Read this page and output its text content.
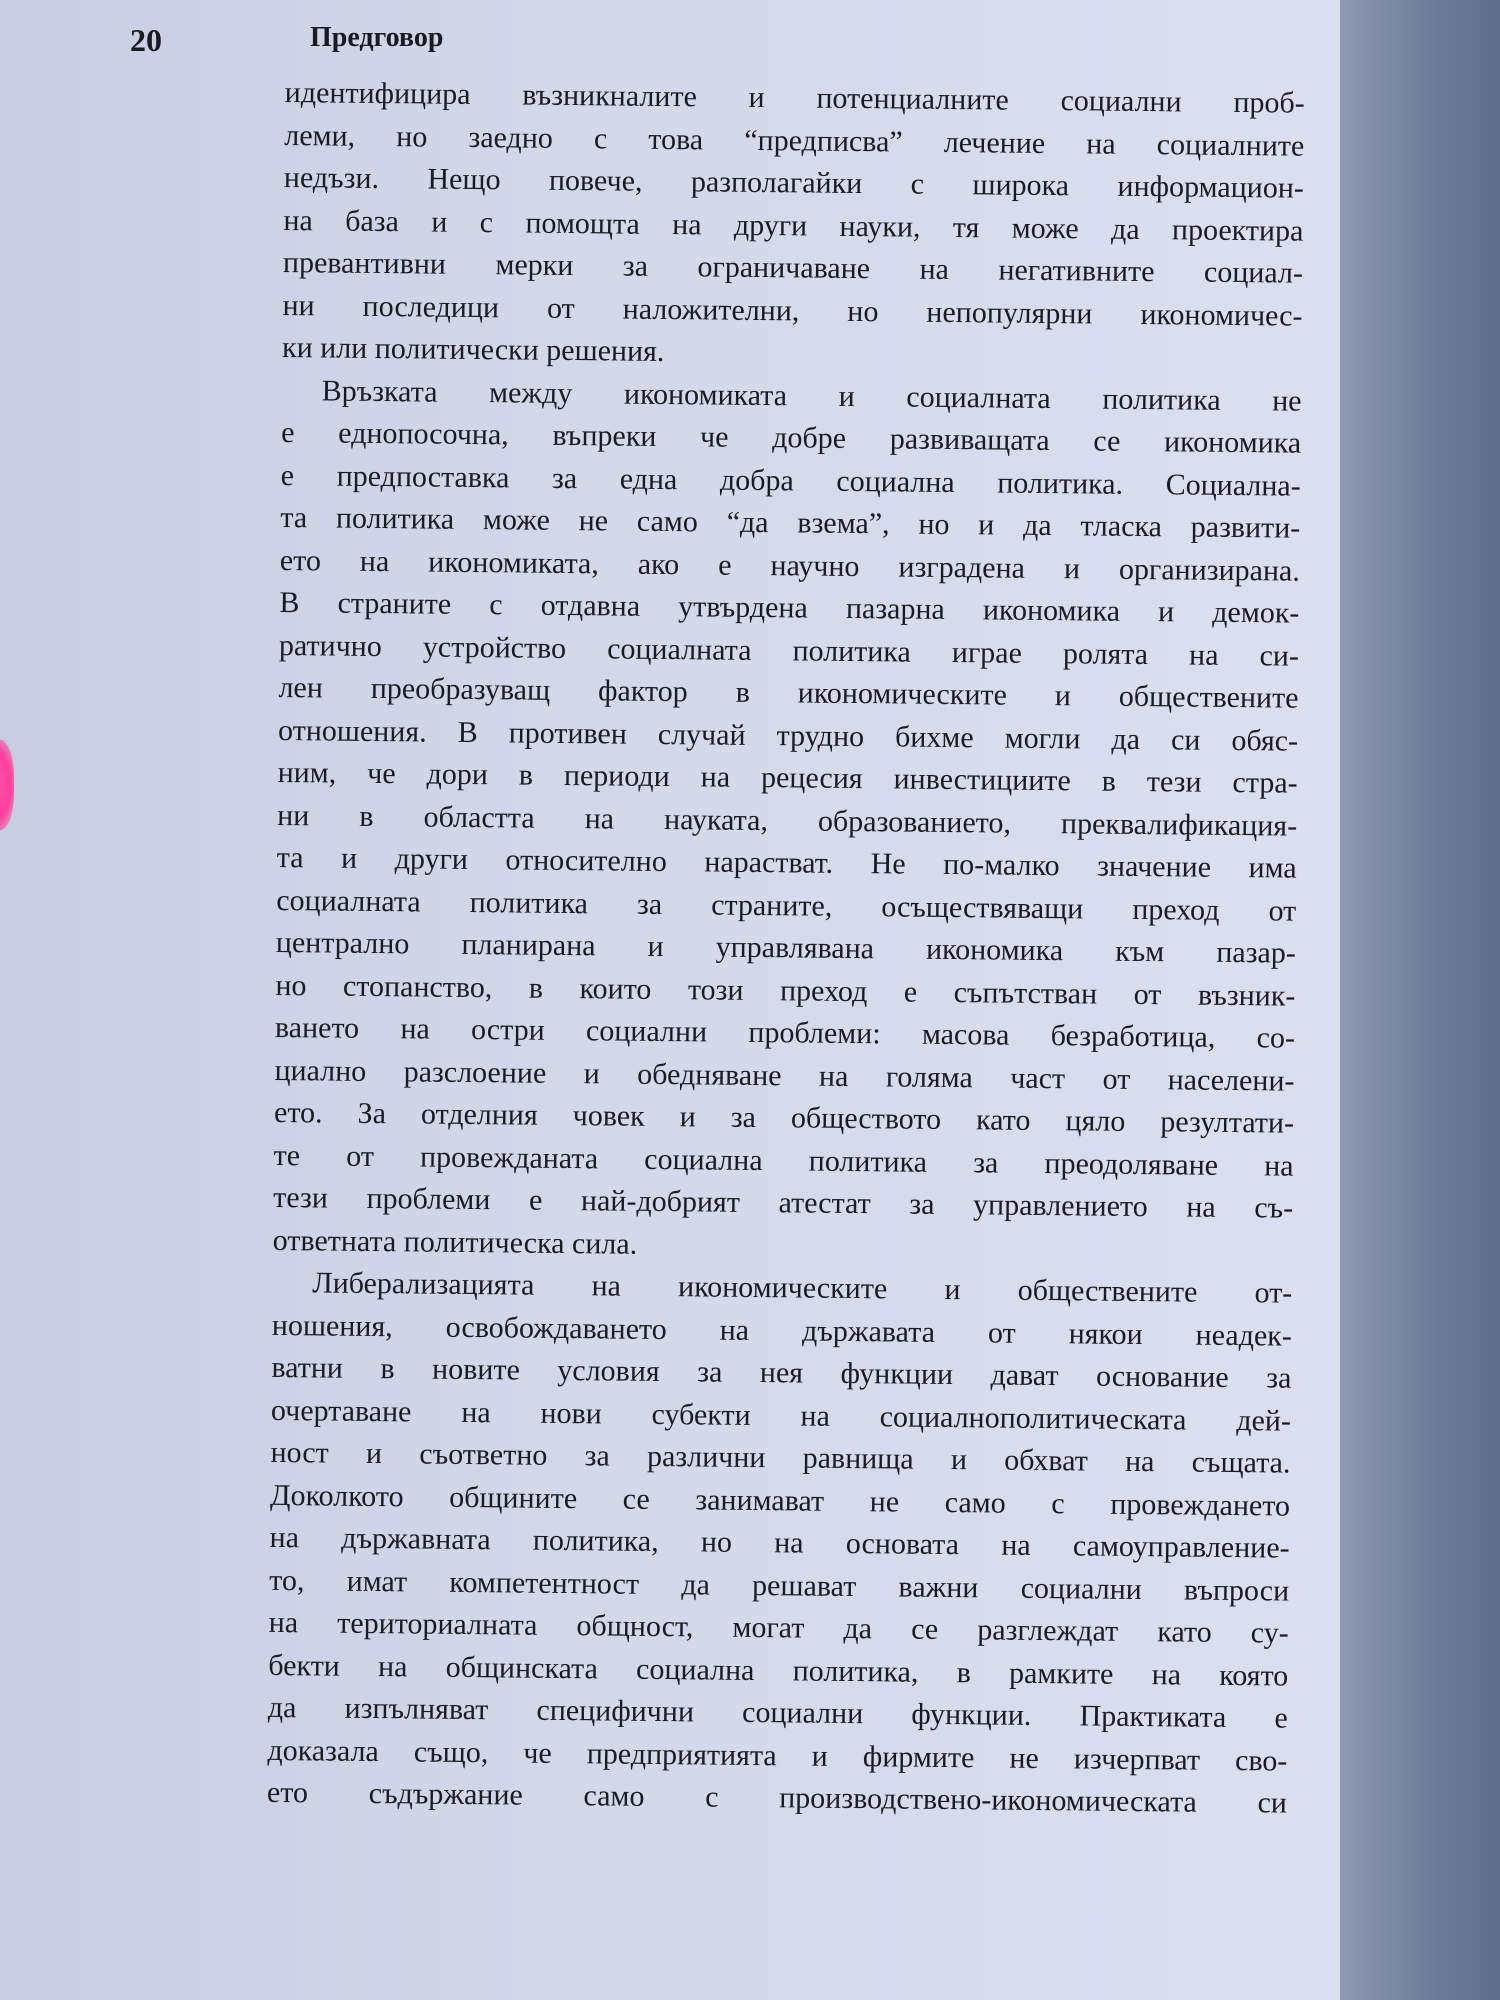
20	Предговор
идентифицира възникналите и потенциалните социални проб-
леми, но заедно с това “предписва” лечение на социалните
недъзи. Нещо повече, разполагайки с широка информацион-
на база и с помощта на други науки, тя може да проектира
превантивни мерки за ограничаване на негативните социал-
ни последици от наложителни, но непопулярни икономичес-
ки или политически решения.
Връзката между икономиката и социалната политика не
е еднопосочна, въпреки че добре развиващата се икономика
е предпоставка за една добра социална политика. Социална-
та политика може не само “да взема”, но и да тласка развити-
ето на икономиката, ако е научно изградена и организирана.
В страните с отдавна утвърдена пазарна икономика и демок-
ратично устройство социалната политика играе ролята на си-
лен преобразуващ фактор в икономическите и обществените
отношения. В противен случай трудно бихме могли да си обяс-
ним, че дори в периоди на рецесия инвестициите в тези стра-
ни в областта на науката, образованието, преквалификация-
та и други относително нарастват. Не по-малко значение има
социалната политика за страните, осъществяващи преход от
централно планирана и управлявана икономика към пазар-
но стопанство, в които този преход е съпътстван от възник-
ването на остри социални проблеми: масова безработица, со-
циално разслоение и обедняване на голяма част от населени-
ето. За отделния човек и за обществото като цяло резултати-
те от провежданата социална политика за преодоляване на
тези проблеми е най-добрият атестат за управлението на съ-
ответната политическа сила.
Либерализацията на икономическите и обществените от-
ношения, освобождаването на държавата от някои неадек-
ватни в новите условия за нея функции дават основание за
очертаване на нови субекти на социалнополитическата дей-
ност и съответно за различни равнища и обхват на същата.
Доколкото общините се занимават не само с провеждането
на държавната политика, но на основата на самоуправление-
то, имат компетентност да решават важни социални въпроси
на териториалната общност, могат да се разглеждат като су-
бекти на общинската социална политика, в рамките на която
да изпълняват специфични социални функции. Практиката е
доказала също, че предприятията и фирмите не изчерпват сво-
ето съдържание само с производствено-икономическата си
